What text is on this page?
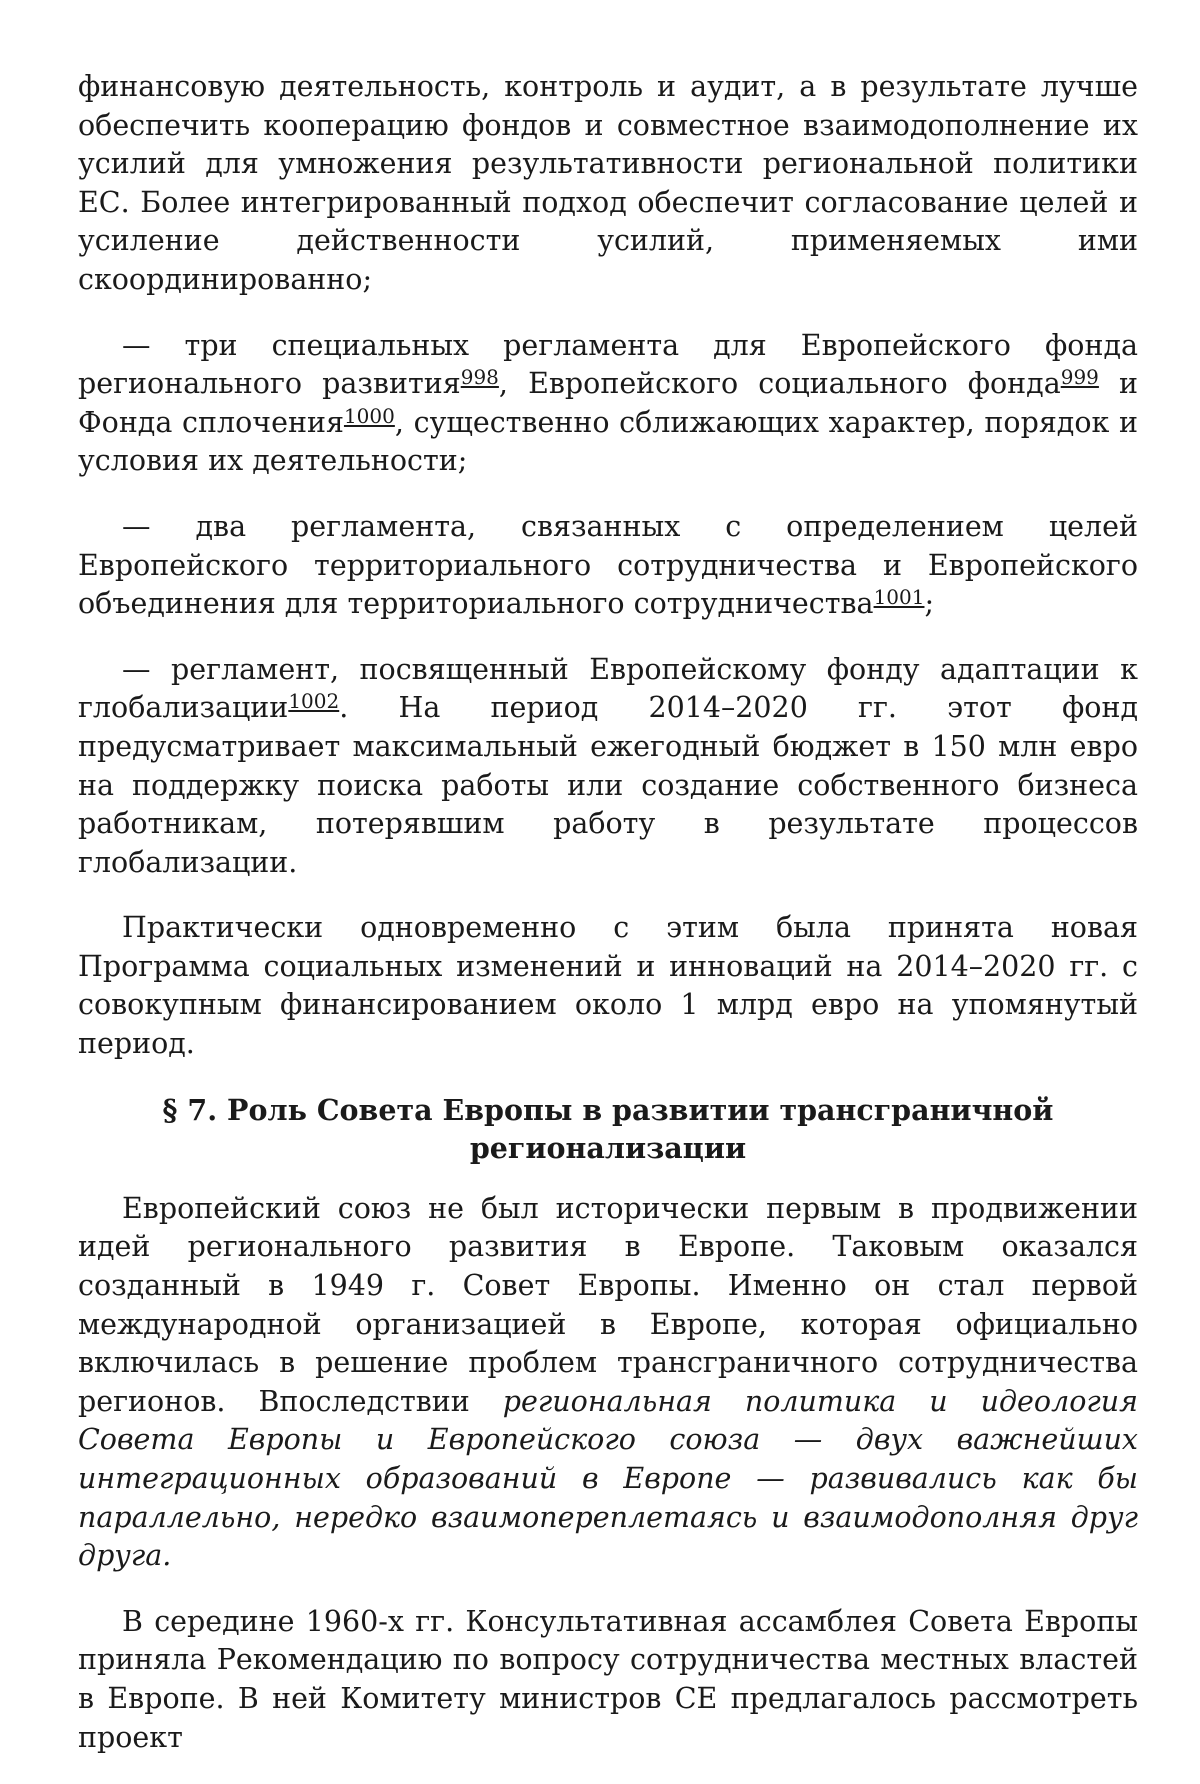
финансовую деятельность, контроль и аудит, а в результате лучше обеспечить кооперацию фондов и совместное взаимодополнение их усилий для умножения результативности региональной политики ЕС. Более интегрированный подход обеспечит согласование целей и усиление действенности усилий, применяемых ими скоординированно;

— три специальных регламента для Европейского фонда регионального развития$^{998}$, Европейского социального фонда$^{999}$ и Фонда сплочения$^{1000}$, существенно сближающих характер, порядок и условия их деятельности;

— два регламента, связанных с определением целей Европейского территориального сотрудничества и Европейского объединения для территориального сотрудничества$^{1001}$;

— регламент, посвященный Европейскому фонду адаптации к глобализации$^{1002}$. На период 2014–2020 гг. этот фонд предусматривает максимальный ежегодный бюджет в 150 млн евро на поддержку поиска работы или создание собственного бизнеса работникам, потерявшим работу в результате процессов глобализации.

Практически одновременно с этим была принята новая Программа социальных изменений и инноваций на 2014–2020 гг. с совокупным финансированием около 1 млрд евро на упомянутый период.

§ 7. Роль Совета Европы в развитии трансграничной
регионализации

Европейский союз не был исторически первым в продвижении идей регионального развития в Европе. Таковым оказался созданный в 1949 г. Совет Европы. Именно он стал первой международной организацией в Европе, которая официально включилась в решение проблем трансграничного сотрудничества регионов. Впоследствии региональная политика и идеология Совета Европы и Европейского союза — двух важнейших интеграционных образований в Европе — развивались как бы параллельно, нередко взаимопереплетаясь и взаимодополняя друг друга.

В середине 1960-х гг. Консультативная ассамблея Совета Европы приняла Рекомендацию по вопросу сотрудничества местных властей в Европе. В ней Комитету министров СЕ предлагалось рассмотреть проект
